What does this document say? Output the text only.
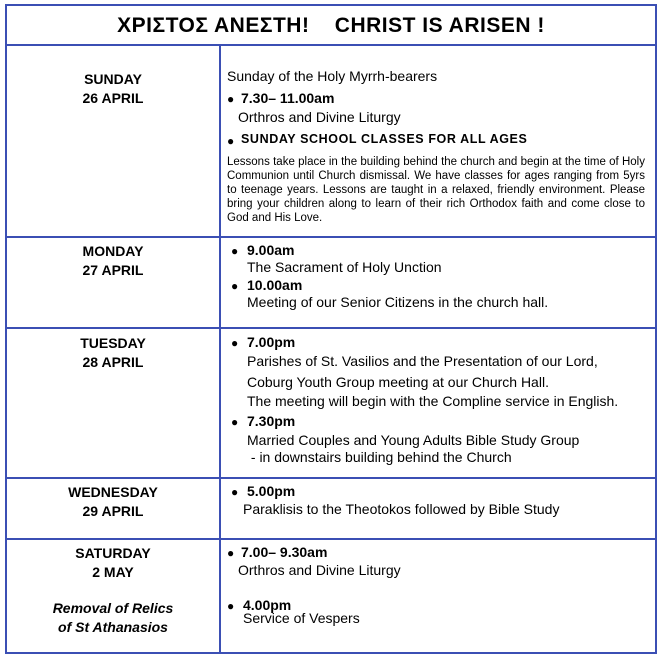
ΧΡΙΣΤΟΣ ΑΝΕΣΤΗ!    CHRIST IS ARISEN !
SUNDAY
26 APRIL
Sunday of the Holy Myrrh-bearers
● 7.30– 11.00am
Orthros and Divine Liturgy
● SUNDAY SCHOOL CLASSES FOR ALL AGES
Lessons take place in the building behind the church and begin at the time of Holy Communion until Church dismissal. We have classes for ages ranging from 5yrs to teenage years. Lessons are taught in a relaxed, friendly environment. Please bring your children along to learn of their rich Orthodox faith and come close to God and His Love.
MONDAY
27 APRIL
● 9.00am
The Sacrament of Holy Unction
● 10.00am
Meeting of our Senior Citizens in the church hall.
TUESDAY
28 APRIL
● 7.00pm
Parishes of St. Vasilios and the Presentation of our Lord,
Coburg Youth Group meeting at our Church Hall.
The meeting will begin with the Compline service in English.
● 7.30pm
Married Couples and Young Adults Bible Study Group
- in downstairs building behind the Church
WEDNESDAY
29 APRIL
● 5.00pm
Paraklisis to the Theotokos followed by Bible Study
SATURDAY
2 MAY
Removal of Relics of St Athanasios
● 7.00– 9.30am
Orthros and Divine Liturgy
● 4.00pm
Service of Vespers
